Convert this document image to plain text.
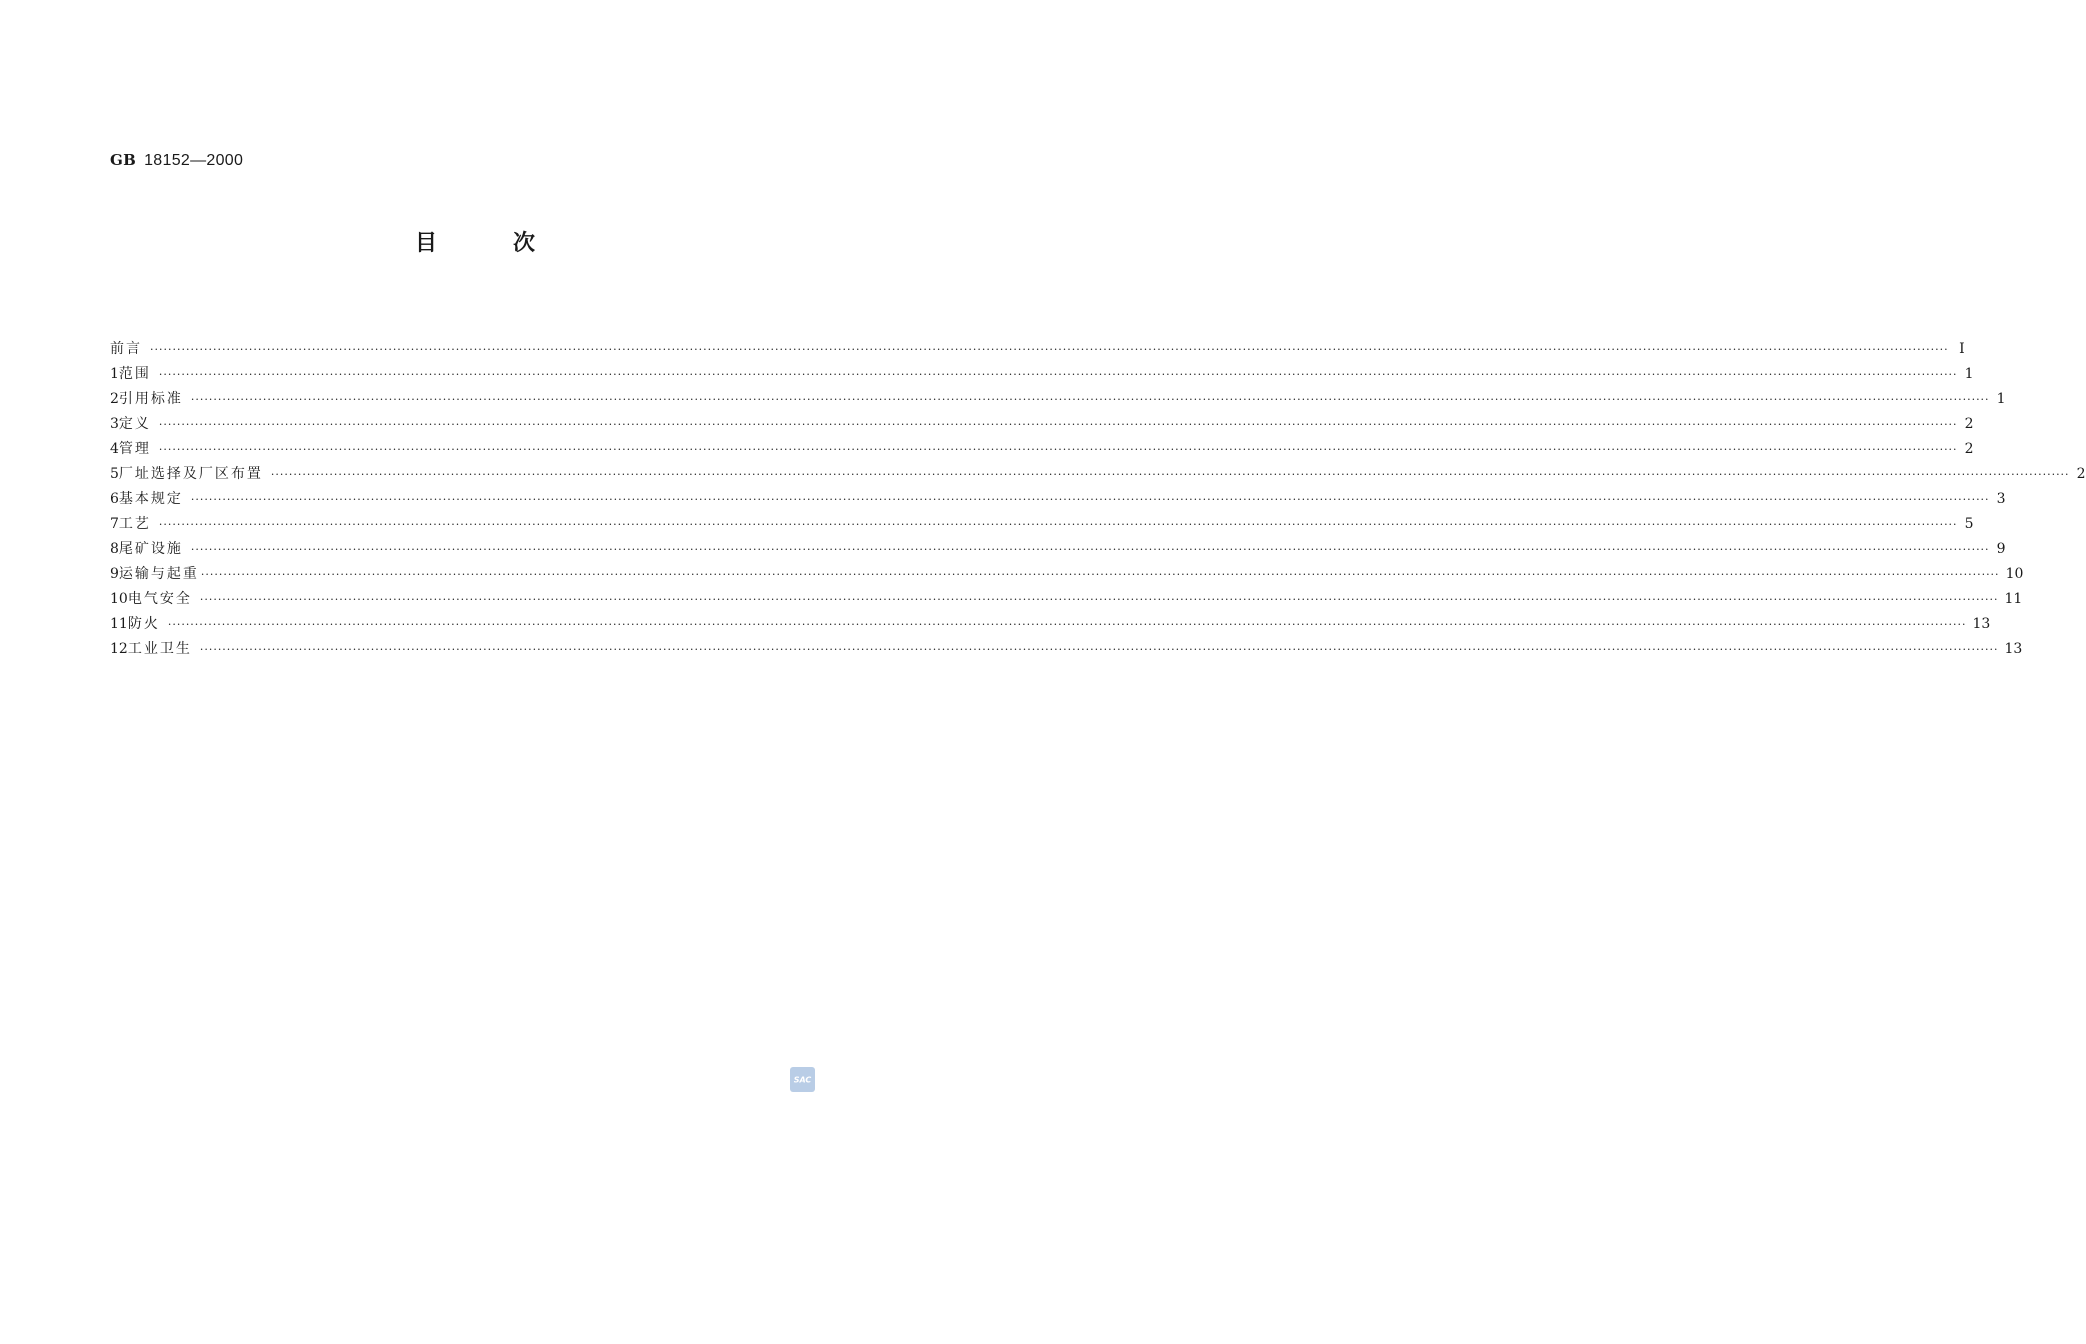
GB 18152—2000
目	次
前言 ················································································································································································································································································································································································································ I
1 范围 ················································································································································································································································································································································································································ 1
2 引用标准 ················································································································································································································································································································································································································ 1
3 定义 ················································································································································································································································································································································································································ 2
4 管理 ················································································································································································································································································································································································································ 2
5 厂址选择及厂区布置 ················································································································································································································································································································································································································ 2
6 基本规定 ················································································································································································································································································································································································································ 3
7 工艺 ················································································································································································································································································································································································································ 5
8 尾矿设施 ················································································································································································································································································································································································································ 9
9 运输与起重 ················································································································································································································································································································································································································ 10
10 电气安全 ················································································································································································································································································································································································································ 11
11 防火 ················································································································································································································································································································································································································ 13
12 工业卫生 ················································································································································································································································································································································································································ 13
SAC
